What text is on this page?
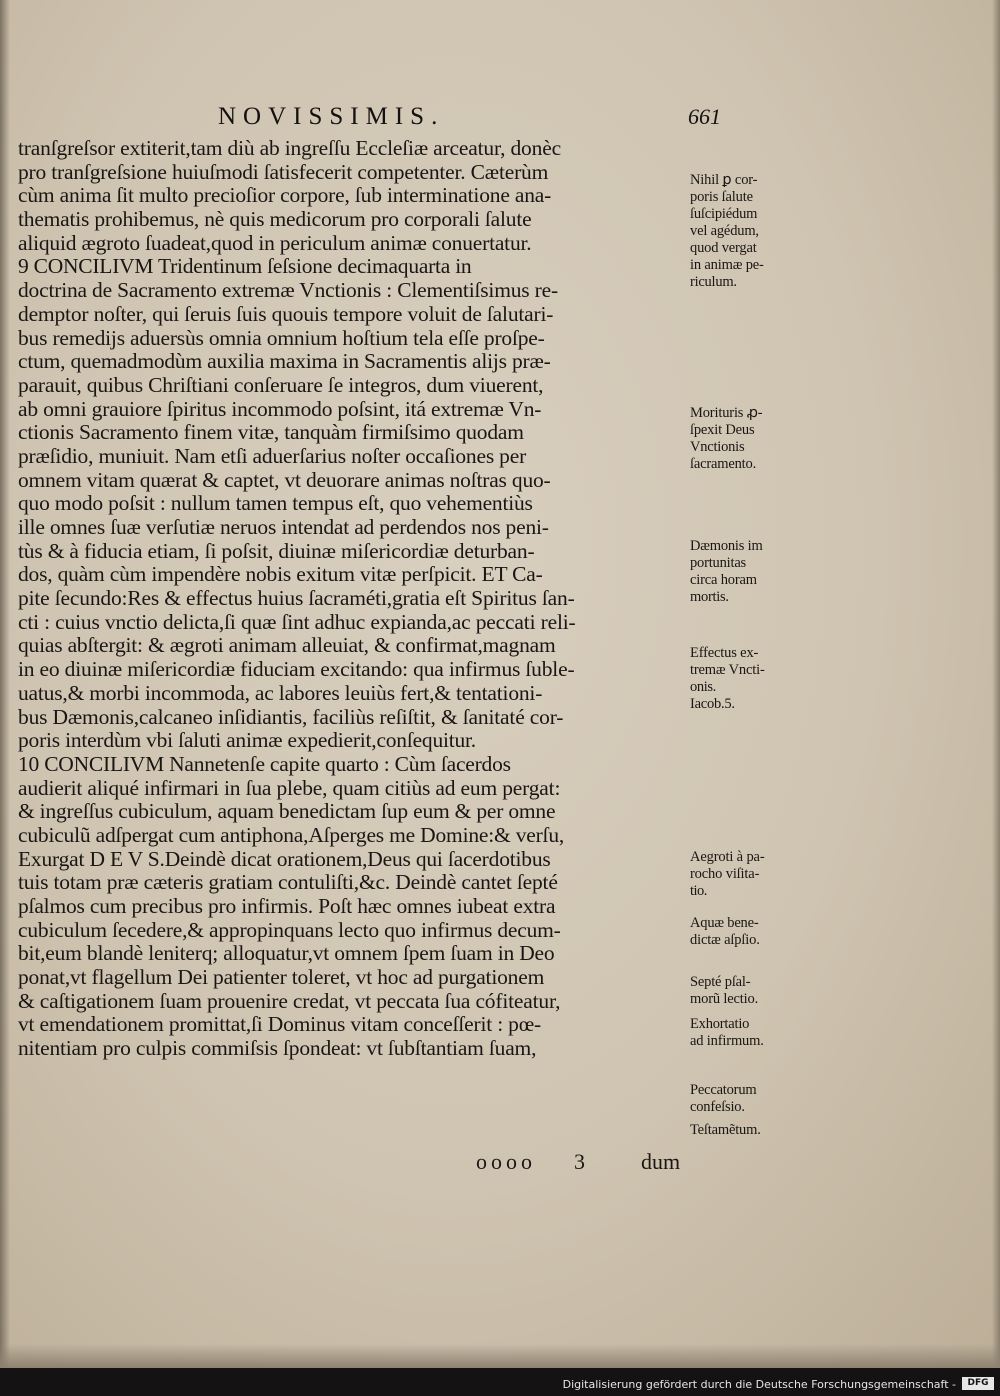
NOVISSIMIS.	661
tranſgreſsor extiterit,tam diù ab ingreſſu Eccleſiæ arceatur, donèc
pro tranſgreſsione huiuſmodi ſatisfecerit competenter. Cæterùm
cùm anima ſit multo precioſior corpore, ſub interminatione ana-
thematis prohibemus, nè quis medicorum pro corporali ſalute
aliquid ægroto ſuadeat,quod in periculum animæ conuertatur.
9 CONCILIVM Tridentinum ſeſsione decimaquarta in
doctrina de Sacramento extremæ Vnctionis : Clementiſsimus re-
demptor noſter, qui ſeruis ſuis quouis tempore voluit de ſalutari-
bus remedijs aduersùs omnia omnium hoſtium tela eſſe proſpe-
ctum, quemadmodùm auxilia maxima in Sacramentis alijs præ-
parauit, quibus Chriſtiani conſeruare ſe integros, dum viuerent,
ab omni grauiore ſpiritus incommodo poſsint, itá extremæ Vn-
ctionis Sacramento finem vitæ, tanquàm firmiſsimo quodam
præſidio, muniuit. Nam etſi aduerſarius noſter occaſiones per
omnem vitam quærat & captet, vt deuorare animas noſtras quo-
quo modo poſsit : nullum tamen tempus eſt, quo vehementiùs
ille omnes ſuæ verſutiæ neruos intendat ad perdendos nos peni-
tùs & à fiducia etiam, ſi poſsit, diuinæ miſericordiæ deturban-
dos, quàm cùm impendère nobis exitum vitæ perſpicit. ET Ca-
pite ſecundo:Res & effectus huius ſacraméti,gratia eſt Spiritus ſan-
cti : cuius vnctio delicta,ſi quæ ſint adhuc expianda,ac peccati reli-
quias abſtergit: & ægroti animam alleuiat, & confirmat,magnam
in eo diuinæ miſericordiæ fiduciam excitando: qua infirmus ſuble-
uatus,& morbi incommoda, ac labores leuiùs fert,& tentationi-
bus Dæmonis,calcaneo inſidiantis, faciliùs reſiſtit, & ſanitaté cor-
poris interdùm vbi ſaluti animæ expedierit,conſequitur.
10 CONCILIVM Nannetenſe capite quarto : Cùm ſacerdos
audierit aliqué infirmari in ſua plebe, quam citiùs ad eum pergat:
& ingreſſus cubiculum, aquam benedictam ſup eum & per omne
cubiculũ adſpergat cum antiphona,Aſperges me Domine:& verſu,
Exurgat D E V S.Deindè dicat orationem,Deus qui ſacerdotibus
tuis totam præ cæteris gratiam contuliſti,&c. Deindè cantet ſepté
pſalmos cum precibus pro infirmis. Poſt hæc omnes iubeat extra
cubiculum ſecedere,& appropinquans lecto quo infirmus decum-
bit,eum blandè leniterq; alloquatur,vt omnem ſpem ſuam in Deo
ponat,vt flagellum Dei patienter toleret, vt hoc ad purgationem
& caſtigationem ſuam prouenire credat, vt peccata ſua cófiteatur,
vt emendationem promittat,ſi Dominus vitam conceſſerit : pœ-
nitentiam pro culpis commiſsis ſpondeat: vt ſubſtantiam ſuam,
Nihil ꝑ cor-
poris ſalute
ſuſcipiédum
vel agédum,
quod vergat
in animæ pe-
riculum.
Morituris ꝓ-
ſpexit Deus
Vnctionis
ſacramento.
Dæmonis im
portunitas
circa horam
mortis.
Effectus ex-
tremæ Vncti-
onis.
Iacob.5.
Aegroti à pa-
rocho viſita-
tio.
Aquæ bene-
dictæ aſpſio.
Septé pſal-
morũ lectio.
Exhortatio
ad infirmum.
Peccatorum
confeſsio.
Teſtamẽtum.
oooo 3	dum
Digitalisierung gefördert durch die Deutsche Forschungsgemeinschaft -	DFG
